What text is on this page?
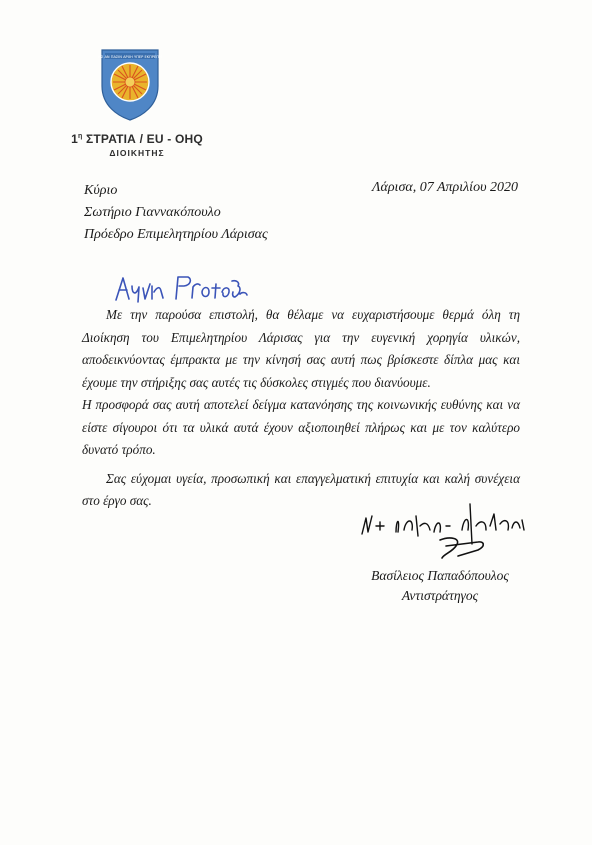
ΗΣ ΑΝ ΠΑΣΙΝ ΑΡΧΗ ΥΠΕΡ ΕΚΠΡΕΠΗ
$1^\eta$ ΣΤΡΑΤΙΑ / EU - OHQ
ΔΙΟΙΚΗΤΗΣ
Κύριο
Σωτήριο Γιαννακόπουλο
Πρόεδρο Επιμελητηρίου Λάρισας
Λάρισα, 07 Απριλίου 2020
Κύριε Πρόεδρε

Με την παρούσα επιστολή, θα θέλαμε να ευχαριστήσουμε θερμά όλη τη Διοίκηση του Επιμελητηρίου Λάρισας για την ευγενική χορηγία υλικών, αποδεικνύοντας έμπρακτα με την κίνησή σας αυτή πως βρίσκεστε δίπλα μας και έχουμε την στήριξης σας αυτές τις δύσκολες στιγμές που διανύουμε.

Η προσφορά σας αυτή αποτελεί δείγμα κατανόησης της κοινωνικής ευθύνης και να είστε σίγουροι ότι τα υλικά αυτά έχουν αξιοποιηθεί πλήρως και με τον καλύτερο δυνατό τρόπο.

Σας εύχομαι υγεία, προσωπική και επαγγελματική επιτυχία και καλή συνέχεια στο έργο σας.	Με εκτίμηση
Βασίλειος Παπαδόπουλος
Αντιστράτηγος
